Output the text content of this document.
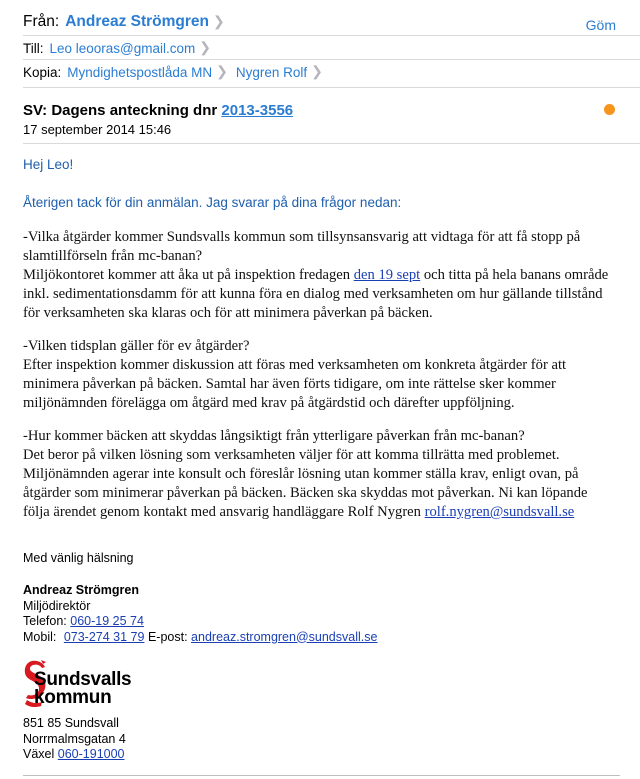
Från: Andreaz Strömgren ❯	Göm
Till: Leo leooras@gmail.com ❯
Kopia: Myndighetspostlåda MN ❯ Nygren Rolf ❯
SV: Dagens anteckning dnr 2013-3556
17 september 2014 15:46
Hej Leo!
Återigen tack för din anmälan. Jag svarar på dina frågor nedan:

-Vilka åtgärder kommer Sundsvalls kommun som tillsynsansvarig att vidtaga för att få stopp på

slamtillförseln från mc-banan?

Miljökontoret kommer att åka ut på inspektion fredagen den 19 sept och titta på hela banans område

inkl. sedimentationsdamm för att kunna föra en dialog med verksamheten om hur gällande tillstånd

för verksamheten ska klaras och för att minimera påverkan på bäcken.

-Vilken tidsplan gäller för ev åtgärder?

Efter inspektion kommer diskussion att föras med verksamheten om konkreta åtgärder för att

minimera påverkan på bäcken. Samtal har även förts tidigare, om inte rättelse sker kommer

miljönämnden förelägga om åtgärd med krav på åtgärdstid och därefter uppföljning.

-Hur kommer bäcken att skyddas långsiktigt från ytterligare påverkan från mc-banan?

Det beror på vilken lösning som verksamheten väljer för att komma tillrätta med problemet.

Miljönämnden agerar inte konsult och föreslår lösning utan kommer ställa krav, enligt ovan, på

åtgärder som minimerar påverkan på bäcken. Bäcken ska skyddas mot påverkan. Ni kan löpande

följa ärendet genom kontakt med ansvarig handläggare Rolf Nygren rolf.nygren@sundsvall.se

Med vänlig hälsning
Andreaz Strömgren
Miljödirektör
Telefon: 060-19 25 74
Mobil: 073-274 31 79 E-post: andreaz.stromgren@sundsvall.se
Sundsvalls
kommun
851 85 Sundsvall
Norrmalmsgatan 4
Växel 060-191000
